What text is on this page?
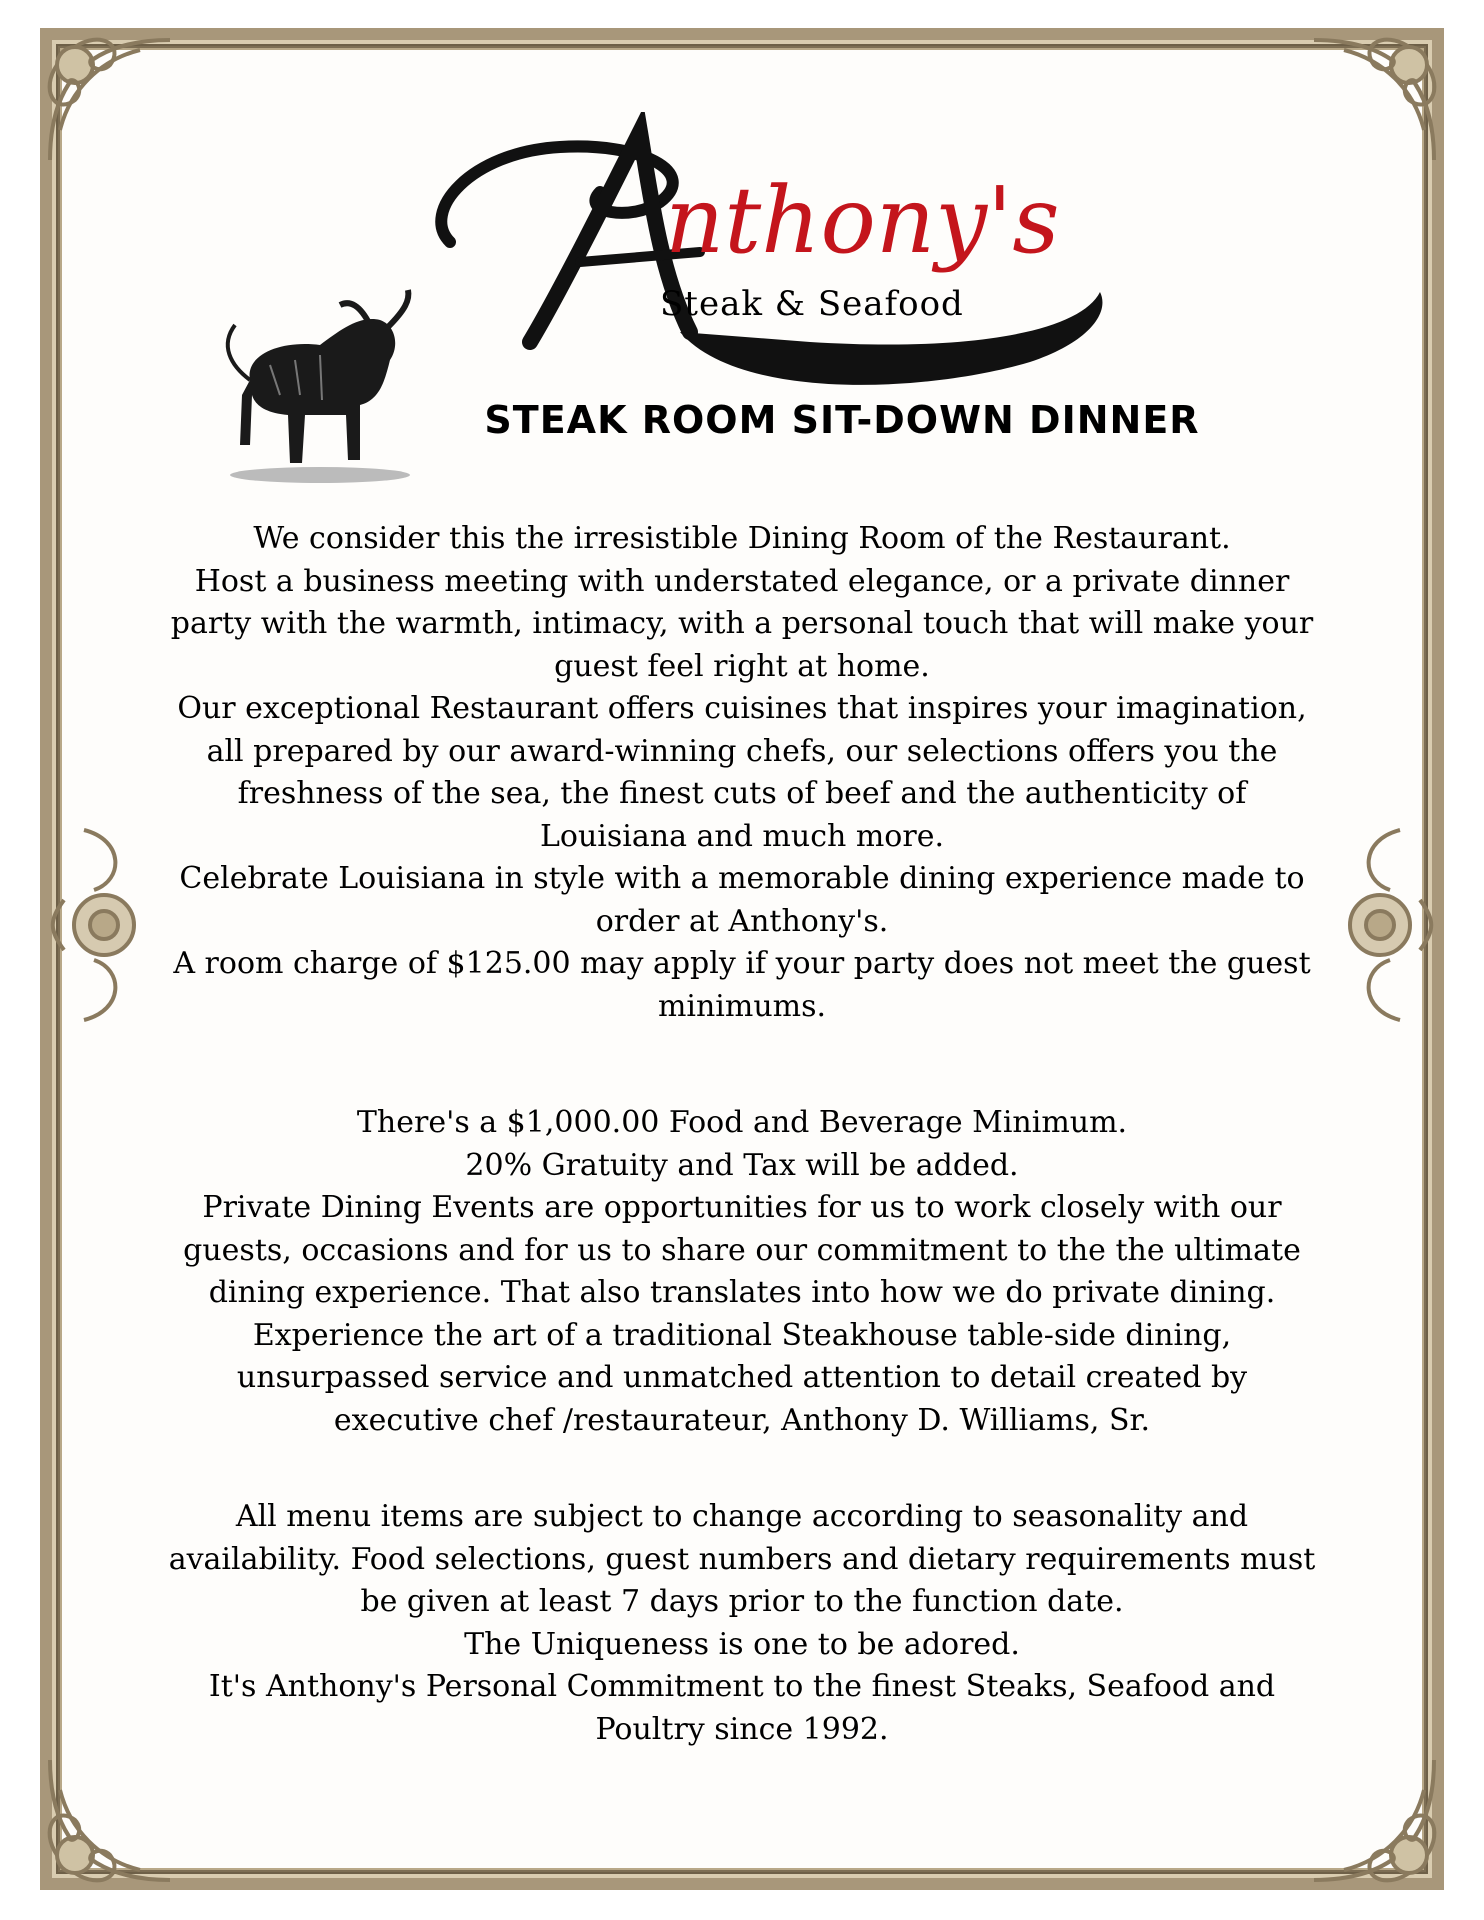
nthony's
Steak & Seafood
STEAK ROOM SIT-DOWN DINNER

We consider this the irresistible Dining Room of the Restaurant.

Host a business meeting with understated elegance, or a private dinner party with the warmth, intimacy, with a personal touch that will make your guest feel right at home.

Our exceptional Restaurant offers cuisines that inspires your imagination, all prepared by our award-winning chefs, our selections offers you the freshness of the sea, the finest cuts of beef and the authenticity of Louisiana and much more.

Celebrate Louisiana in style with a memorable dining experience made to order at Anthony's.

A room charge of $125.00 may apply if your party does not meet the guest minimums.

There's a $1,000.00 Food and Beverage Minimum.

20% Gratuity and Tax will be added.

Private Dining Events are opportunities for us to work closely with our guests, occasions and for us to share our commitment to the the ultimate dining experience. That also translates into how we do private dining.

Experience the art of a traditional Steakhouse table-side dining, unsurpassed service and unmatched attention to detail created by executive chef /restaurateur, Anthony D. Williams, Sr.

All menu items are subject to change according to seasonality and availability. Food selections, guest numbers and dietary requirements must be given at least 7 days prior to the function date.

The Uniqueness is one to be adored.

It's Anthony's Personal Commitment to the finest Steaks, Seafood and Poultry since 1992.
